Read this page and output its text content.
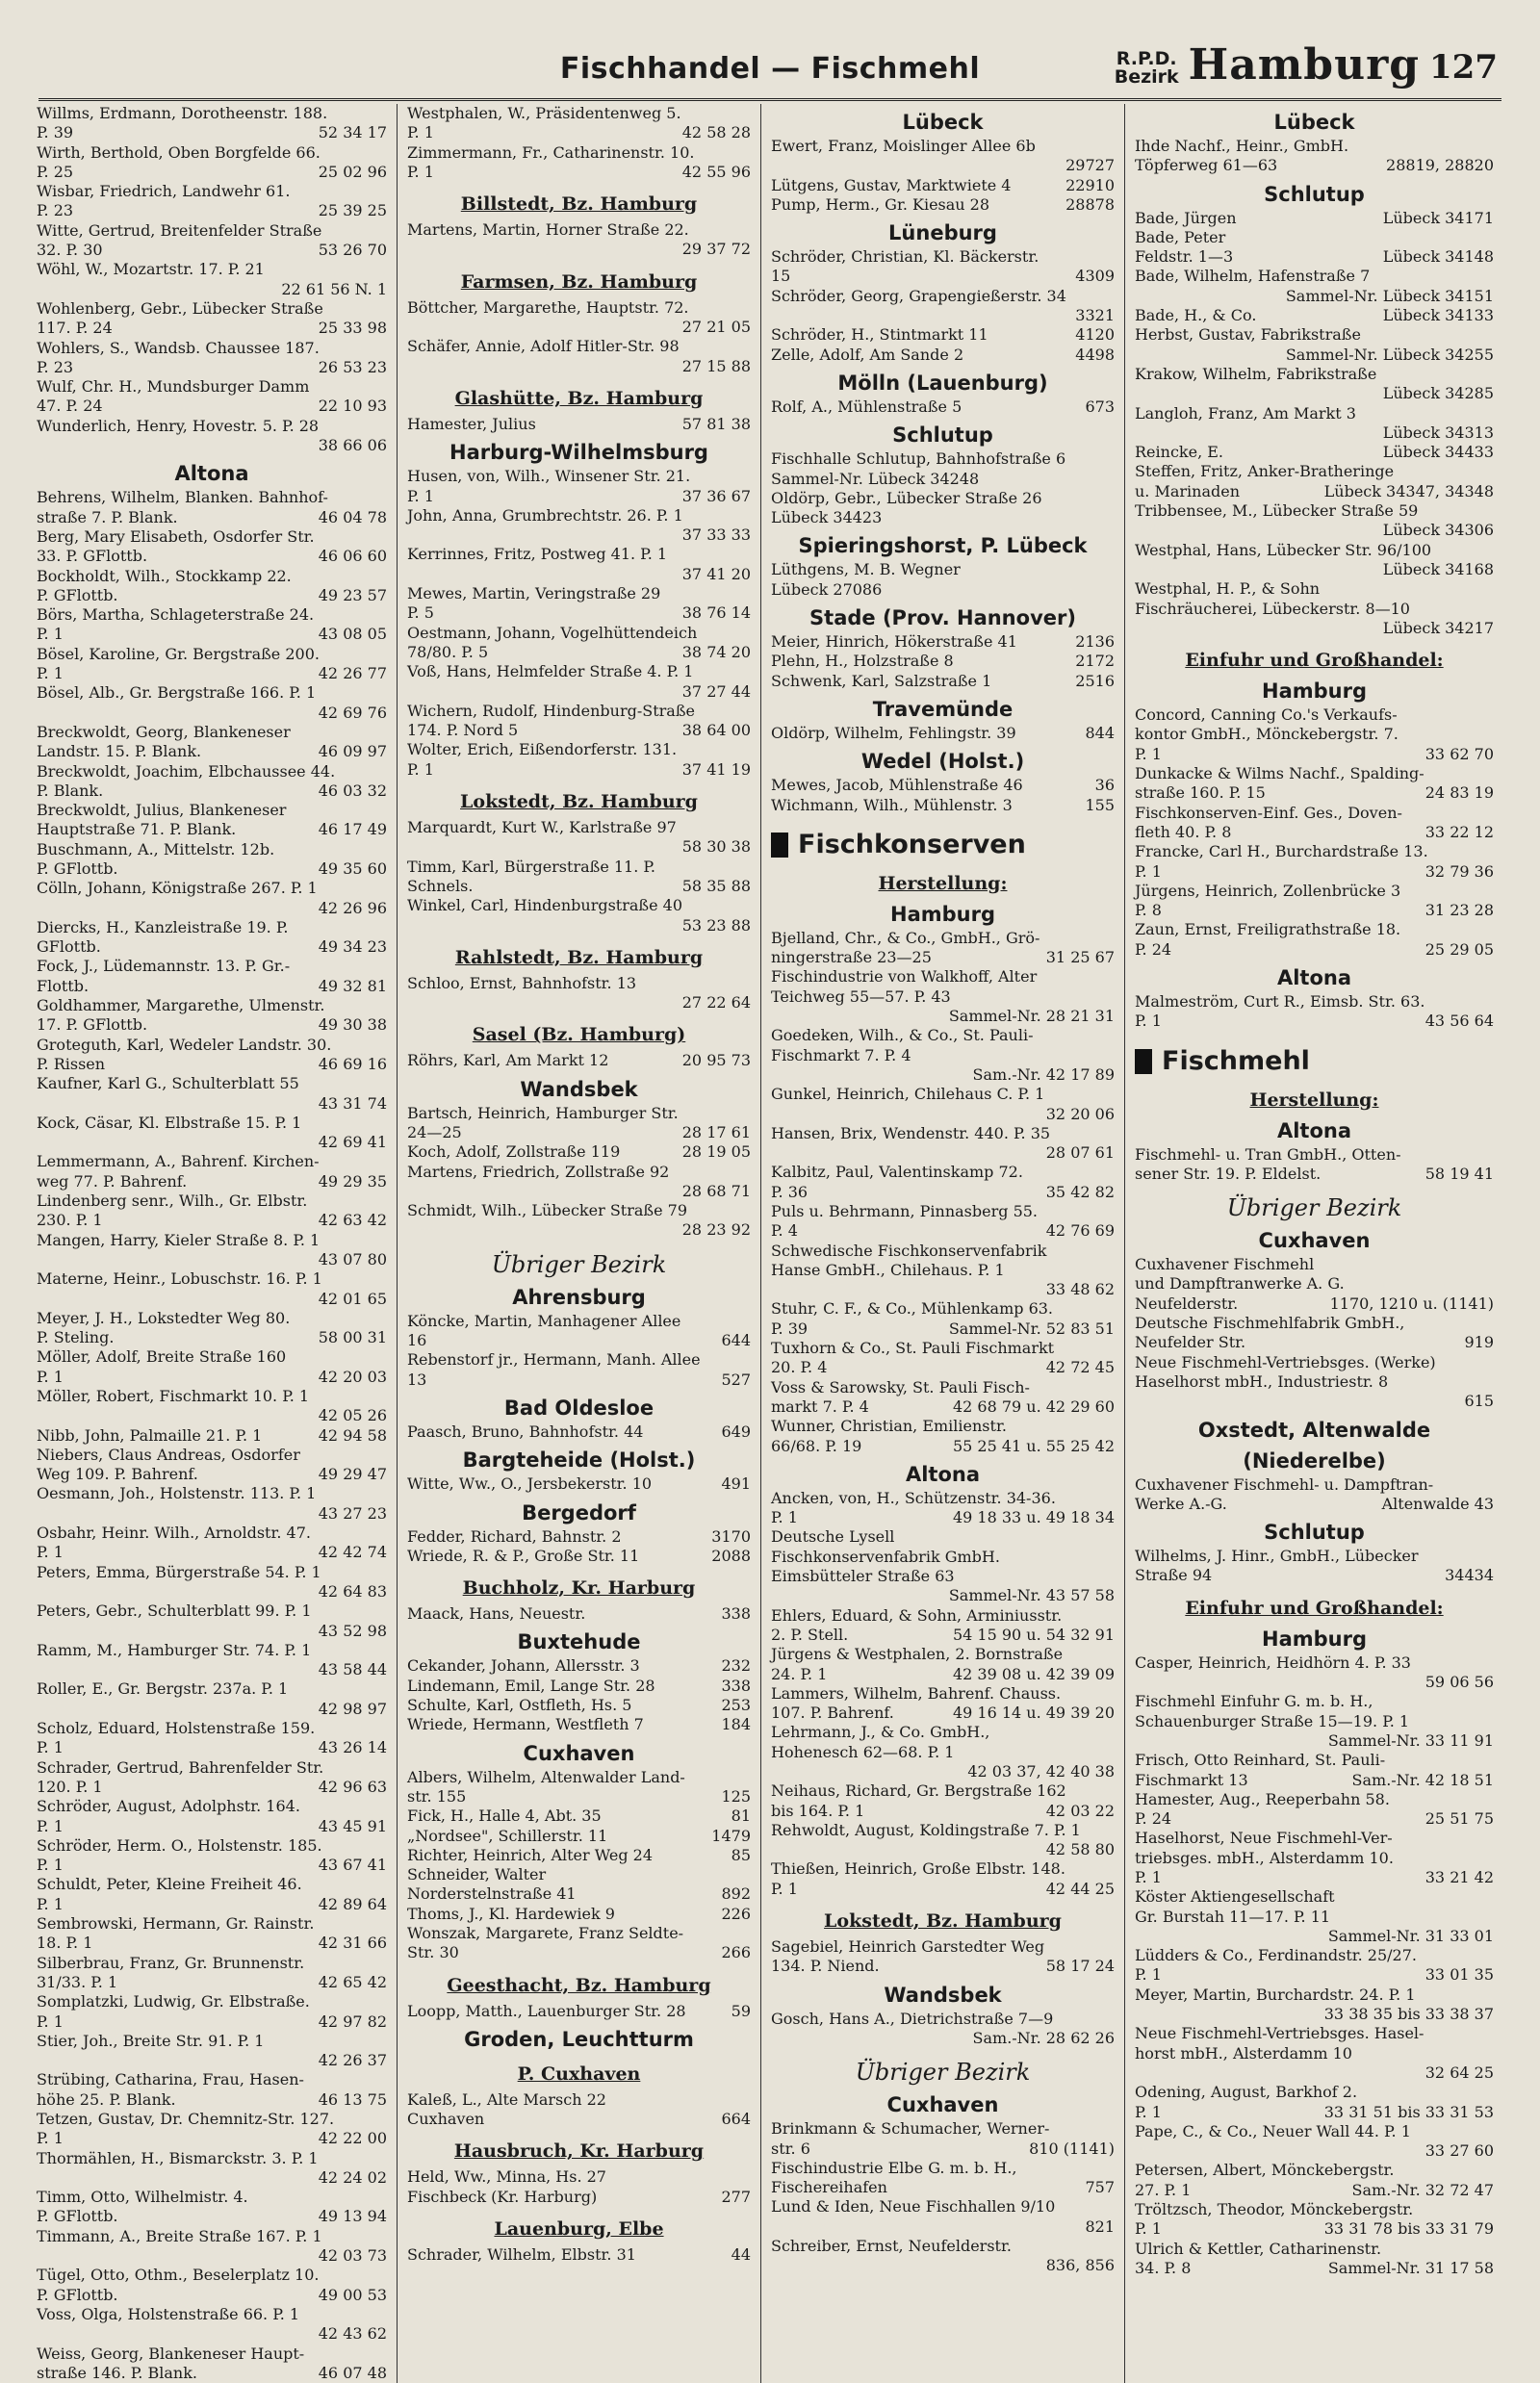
Fischhandel — Fischmehl	R.P.D.
Bezirk Hamburg 127
Willms, Erdmann, Dorotheenstr. 188.
52 34 17
P. 39
Wirth, Berthold, Oben Borgfelde 66.
25 02 96
P. 25
Wisbar, Friedrich, Landwehr 61.
25 39 25
P. 23
Witte, Gertrud, Breitenfelder Straße
53 26 70
32. P. 30
Wöhl, W., Mozartstr. 17. P. 21
22 61 56 N. 1
Wohlenberg, Gebr., Lübecker Straße
25 33 98
117. P. 24
Wohlers, S., Wandsb. Chaussee 187.
26 53 23
P. 23
Wulf, Chr. H., Mundsburger Damm
22 10 93
47. P. 24
Wunderlich, Henry, Hovestr. 5. P. 28
38 66 06
Altona
Behrens, Wilhelm, Blanken. Bahnhof-
46 04 78
straße 7. P. Blank.
Berg, Mary Elisabeth, Osdorfer Str.
46 06 60
33. P. GFlottb.
Bockholdt, Wilh., Stockkamp 22.
49 23 57
P. GFlottb.
Börs, Martha, Schlageterstraße 24.
43 08 05
P. 1
Bösel, Karoline, Gr. Bergstraße 200.
42 26 77
P. 1
Bösel, Alb., Gr. Bergstraße 166. P. 1
42 69 76
Breckwoldt, Georg, Blankeneser
46 09 97
Landstr. 15. P. Blank.
Breckwoldt, Joachim, Elbchaussee 44.
46 03 32
P. Blank.
Breckwoldt, Julius, Blankeneser
46 17 49
Hauptstraße 71. P. Blank.
Buschmann, A., Mittelstr. 12b.
49 35 60
P. GFlottb.
Cölln, Johann, Königstraße 267. P. 1
42 26 96
Diercks, H., Kanzleistraße 19. P.
49 34 23
GFlottb.
Fock, J., Lüdemannstr. 13. P. Gr.-
49 32 81
Flottb.
Goldhammer, Margarethe, Ulmenstr.
49 30 38
17. P. GFlottb.
Groteguth, Karl, Wedeler Landstr. 30.
46 69 16
P. Rissen
Kaufner, Karl G., Schulterblatt 55
43 31 74
Kock, Cäsar, Kl. Elbstraße 15. P. 1
42 69 41
Lemmermann, A., Bahrenf. Kirchen-
49 29 35
weg 77. P. Bahrenf.
Lindenberg senr., Wilh., Gr. Elbstr.
42 63 42
230. P. 1
Mangen, Harry, Kieler Straße 8. P. 1
43 07 80
Materne, Heinr., Lobuschstr. 16. P. 1
42 01 65
Meyer, J. H., Lokstedter Weg 80.
58 00 31
P. Steling.
Möller, Adolf, Breite Straße 160
42 20 03
P. 1
Möller, Robert, Fischmarkt 10. P. 1
42 05 26
42 94 58
Nibb, John, Palmaille 21. P. 1
Niebers, Claus Andreas, Osdorfer
49 29 47
Weg 109. P. Bahrenf.
Oesmann, Joh., Holstenstr. 113. P. 1
43 27 23
Osbahr, Heinr. Wilh., Arnoldstr. 47.
42 42 74
P. 1
Peters, Emma, Bürgerstraße 54. P. 1
42 64 83
Peters, Gebr., Schulterblatt 99. P. 1
43 52 98
Ramm, M., Hamburger Str. 74. P. 1
43 58 44
Roller, E., Gr. Bergstr. 237a. P. 1
42 98 97
Scholz, Eduard, Holstenstraße 159.
43 26 14
P. 1
Schrader, Gertrud, Bahrenfelder Str.
42 96 63
120. P. 1
Schröder, August, Adolphstr. 164.
43 45 91
P. 1
Schröder, Herm. O., Holstenstr. 185.
43 67 41
P. 1
Schuldt, Peter, Kleine Freiheit 46.
42 89 64
P. 1
Sembrowski, Hermann, Gr. Rainstr.
42 31 66
18. P. 1
Silberbrau, Franz, Gr. Brunnenstr.
42 65 42
31/33. P. 1
Somplatzki, Ludwig, Gr. Elbstraße.
42 97 82
P. 1
Stier, Joh., Breite Str. 91. P. 1
42 26 37
Strübing, Catharina, Frau, Hasen-
46 13 75
höhe 25. P. Blank.
Tetzen, Gustav, Dr. Chemnitz-Str. 127.
42 22 00
P. 1
Thormählen, H., Bismarckstr. 3. P. 1
42 24 02
Timm, Otto, Wilhelmistr. 4.
49 13 94
P. GFlottb.
Timmann, A., Breite Straße 167. P. 1
42 03 73
Tügel, Otto, Othm., Beselerplatz 10.
49 00 53
P. GFlottb.
Voss, Olga, Holstenstraße 66. P. 1
42 43 62
Weiss, Georg, Blankeneser Haupt-
46 07 48
straße 146. P. Blank.
Westphalen, W., Präsidentenweg 5.
42 58 28
P. 1
Zimmermann, Fr., Catharinenstr. 10.
42 55 96
P. 1
Billstedt, Bz. Hamburg
Martens, Martin, Horner Straße 22.
29 37 72
Farmsen, Bz. Hamburg
Böttcher, Margarethe, Hauptstr. 72.
27 21 05
Schäfer, Annie, Adolf Hitler-Str. 98
27 15 88
Glashütte, Bz. Hamburg
57 81 38
Hamester, Julius
Harburg-Wilhelmsburg
Husen, von, Wilh., Winsener Str. 21.
37 36 67
P. 1
John, Anna, Grumbrechtstr. 26. P. 1
37 33 33
Kerrinnes, Fritz, Postweg 41. P. 1
37 41 20
Mewes, Martin, Veringstraße 29
38 76 14
P. 5
Oestmann, Johann, Vogelhüttendeich
38 74 20
78/80. P. 5
Voß, Hans, Helmfelder Straße 4. P. 1
37 27 44
Wichern, Rudolf, Hindenburg-Straße
38 64 00
174. P. Nord 5
Wolter, Erich, Eißendorferstr. 131.
37 41 19
P. 1
Lokstedt, Bz. Hamburg
Marquardt, Kurt W., Karlstraße 97
58 30 38
Timm, Karl, Bürgerstraße 11. P.
58 35 88
Schnels.
Winkel, Carl, Hindenburgstraße 40
53 23 88
Rahlstedt, Bz. Hamburg
Schloo, Ernst, Bahnhofstr. 13
27 22 64
Sasel (Bz. Hamburg)
20 95 73
Röhrs, Karl, Am Markt 12
Wandsbek
Bartsch, Heinrich, Hamburger Str.
28 17 61
24—25
28 19 05
Koch, Adolf, Zollstraße 119
Martens, Friedrich, Zollstraße 92
28 68 71
Schmidt, Wilh., Lübecker Straße 79
28 23 92
Übriger Bezirk
Ahrensburg
Köncke, Martin, Manhagener Allee
644
16
Rebenstorf jr., Hermann, Manh. Allee
527
13
Bad Oldesloe
649
Paasch, Bruno, Bahnhofstr. 44
Bargteheide (Holst.)
491
Witte, Ww., O., Jersbekerstr. 10
Bergedorf
3170
Fedder, Richard, Bahnstr. 2
2088
Wriede, R. & P., Große Str. 11
Buchholz, Kr. Harburg
338
Maack, Hans, Neuestr.
Buxtehude
232
Cekander, Johann, Allersstr. 3
338
Lindemann, Emil, Lange Str. 28
253
Schulte, Karl, Ostfleth, Hs. 5
184
Wriede, Hermann, Westfleth 7
Cuxhaven
Albers, Wilhelm, Altenwalder Land-
125
str. 155
81
Fick, H., Halle 4, Abt. 35
1479
„Nordsee", Schillerstr. 11
85
Richter, Heinrich, Alter Weg 24
Schneider, Walter
892
Norderstelnstraße 41
226
Thoms, J., Kl. Hardewiek 9
Wonszak, Margarete, Franz Seldte-
266
Str. 30
Geesthacht, Bz. Hamburg
59
Loopp, Matth., Lauenburger Str. 28
Groden, Leuchtturm
P. Cuxhaven
Kaleß, L., Alte Marsch 22
664
Cuxhaven
Hausbruch, Kr. Harburg
Held, Ww., Minna, Hs. 27
277
Fischbeck (Kr. Harburg)
Lauenburg, Elbe
44
Schrader, Wilhelm, Elbstr. 31
Lübeck
Ewert, Franz, Moislinger Allee 6b
29727
22910
Lütgens, Gustav, Marktwiete 4
28878
Pump, Herm., Gr. Kiesau 28
Lüneburg
Schröder, Christian, Kl. Bäckerstr.
4309
15
Schröder, Georg, Grapengießerstr. 34
3321
4120
Schröder, H., Stintmarkt 11
4498
Zelle, Adolf, Am Sande 2
Mölln (Lauenburg)
673
Rolf, A., Mühlenstraße 5
Schlutup
Fischhalle Schlutup, Bahnhofstraße 6
Sammel-Nr. Lübeck 34248
Oldörp, Gebr., Lübecker Straße 26
Lübeck 34423
Spieringshorst, P. Lübeck
Lüthgens, M. B. Wegner
Lübeck 27086
Stade (Prov. Hannover)
2136
Meier, Hinrich, Hökerstraße 41
2172
Plehn, H., Holzstraße 8
2516
Schwenk, Karl, Salzstraße 1
Travemünde
844
Oldörp, Wilhelm, Fehlingstr. 39
Wedel (Holst.)
36
Mewes, Jacob, Mühlenstraße 46
155
Wichmann, Wilh., Mühlenstr. 3
Fischkonserven
Herstellung:
Hamburg
Bjelland, Chr., & Co., GmbH., Grö-
31 25 67
ningerstraße 23—25
Fischindustrie von Walkhoff, Alter
Teichweg 55—57. P. 43
Sammel-Nr. 28 21 31
Goedeken, Wilh., & Co., St. Pauli-
Fischmarkt 7. P. 4
Sam.-Nr. 42 17 89
Gunkel, Heinrich, Chilehaus C. P. 1
32 20 06
Hansen, Brix, Wendenstr. 440. P. 35
28 07 61
Kalbitz, Paul, Valentinskamp 72.
35 42 82
P. 36
Puls u. Behrmann, Pinnasberg 55.
42 76 69
P. 4
Schwedische Fischkonservenfabrik
Hanse GmbH., Chilehaus. P. 1
33 48 62
Stuhr, C. F., & Co., Mühlenkamp 63.
Sammel-Nr. 52 83 51
P. 39
Tuxhorn & Co., St. Pauli Fischmarkt
42 72 45
20. P. 4
Voss & Sarowsky, St. Pauli Fisch-
42 68 79 u. 42 29 60
markt 7. P. 4
Wunner, Christian, Emilienstr.
55 25 41 u. 55 25 42
66/68. P. 19
Altona
Ancken, von, H., Schützenstr. 34-36.
49 18 33 u. 49 18 34
P. 1
Deutsche Lysell
Fischkonservenfabrik GmbH.
Eimsbütteler Straße 63
Sammel-Nr. 43 57 58
Ehlers, Eduard, & Sohn, Arminiusstr.
54 15 90 u. 54 32 91
2. P. Stell.
Jürgens & Westphalen, 2. Bornstraße
42 39 08 u. 42 39 09
24. P. 1
Lammers, Wilhelm, Bahrenf. Chauss.
49 16 14 u. 49 39 20
107. P. Bahrenf.
Lehrmann, J., & Co. GmbH.,
Hohenesch 62—68. P. 1
42 03 37, 42 40 38
Neihaus, Richard, Gr. Bergstraße 162
42 03 22
bis 164. P. 1
Rehwoldt, August, Koldingstraße 7. P. 1
42 58 80
Thießen, Heinrich, Große Elbstr. 148.
42 44 25
P. 1
Lokstedt, Bz. Hamburg
Sagebiel, Heinrich Garstedter Weg
58 17 24
134. P. Niend.
Wandsbek
Gosch, Hans A., Dietrichstraße 7—9
Sam.-Nr. 28 62 26
Übriger Bezirk
Cuxhaven
Brinkmann & Schumacher, Werner-
810 (1141)
str. 6
Fischindustrie Elbe G. m. b. H.,
757
Fischereihafen
Lund & Iden, Neue Fischhallen 9/10
821
Schreiber, Ernst, Neufelderstr.
836, 856
Lübeck
Ihde Nachf., Heinr., GmbH.
28819, 28820
Töpferweg 61—63
Schlutup
Lübeck 34171
Bade, Jürgen
Bade, Peter
Lübeck 34148
Feldstr. 1—3
Bade, Wilhelm, Hafenstraße 7
Sammel-Nr. Lübeck 34151
Lübeck 34133
Bade, H., & Co.
Herbst, Gustav, Fabrikstraße
Sammel-Nr. Lübeck 34255
Krakow, Wilhelm, Fabrikstraße
Lübeck 34285
Langloh, Franz, Am Markt 3
Lübeck 34313
Lübeck 34433
Reincke, E.
Steffen, Fritz, Anker-Bratheringe
Lübeck 34347, 34348
u. Marinaden
Tribbensee, M., Lübecker Straße 59
Lübeck 34306
Westphal, Hans, Lübecker Str. 96/100
Lübeck 34168
Westphal, H. P., & Sohn
Fischräucherei, Lübeckerstr. 8—10
Lübeck 34217
Einfuhr und Großhandel:
Hamburg
Concord, Canning Co.'s Verkaufs-
kontor GmbH., Mönckebergstr. 7.
33 62 70
P. 1
Dunkacke & Wilms Nachf., Spalding-
24 83 19
straße 160. P. 15
Fischkonserven-Einf. Ges., Doven-
33 22 12
fleth 40. P. 8
Francke, Carl H., Burchardstraße 13.
32 79 36
P. 1
Jürgens, Heinrich, Zollenbrücke 3
31 23 28
P. 8
Zaun, Ernst, Freiligrathstraße 18.
25 29 05
P. 24
Altona
Malmeström, Curt R., Eimsb. Str. 63.
43 56 64
P. 1
Fischmehl
Herstellung:
Altona
Fischmehl- u. Tran GmbH., Otten-
58 19 41
sener Str. 19. P. Eldelst.
Übriger Bezirk
Cuxhaven
Cuxhavener Fischmehl
und Dampftranwerke A. G.
1170, 1210 u. (1141)
Neufelderstr.
Deutsche Fischmehlfabrik GmbH.,
919
Neufelder Str.
Neue Fischmehl-Vertriebsges. (Werke)
Haselhorst mbH., Industriestr. 8
615
Oxstedt, Altenwalde
(Niederelbe)
Cuxhavener Fischmehl- u. Dampftran-
Altenwalde 43
Werke A.-G.
Schlutup
Wilhelms, J. Hinr., GmbH., Lübecker
34434
Straße 94
Einfuhr und Großhandel:
Hamburg
Casper, Heinrich, Heidhörn 4. P. 33
59 06 56
Fischmehl Einfuhr G. m. b. H.,
Schauenburger Straße 15—19. P. 1
Sammel-Nr. 33 11 91
Frisch, Otto Reinhard, St. Pauli-
Sam.-Nr. 42 18 51
Fischmarkt 13
Hamester, Aug., Reeperbahn 58.
25 51 75
P. 24
Haselhorst, Neue Fischmehl-Ver-
triebsges. mbH., Alsterdamm 10.
33 21 42
P. 1
Köster Aktiengesellschaft
Gr. Burstah 11—17. P. 11
Sammel-Nr. 31 33 01
Lüdders & Co., Ferdinandstr. 25/27.
33 01 35
P. 1
Meyer, Martin, Burchardstr. 24. P. 1
33 38 35 bis 33 38 37
Neue Fischmehl-Vertriebsges. Hasel-
horst mbH., Alsterdamm 10
32 64 25
Odening, August, Barkhof 2.
33 31 51 bis 33 31 53
P. 1
Pape, C., & Co., Neuer Wall 44. P. 1
33 27 60
Petersen, Albert, Mönckebergstr.
Sam.-Nr. 32 72 47
27. P. 1
Tröltzsch, Theodor, Mönckebergstr.
33 31 78 bis 33 31 79
P. 1
Ulrich & Kettler, Catharinenstr.
Sammel-Nr. 31 17 58
34. P. 8
